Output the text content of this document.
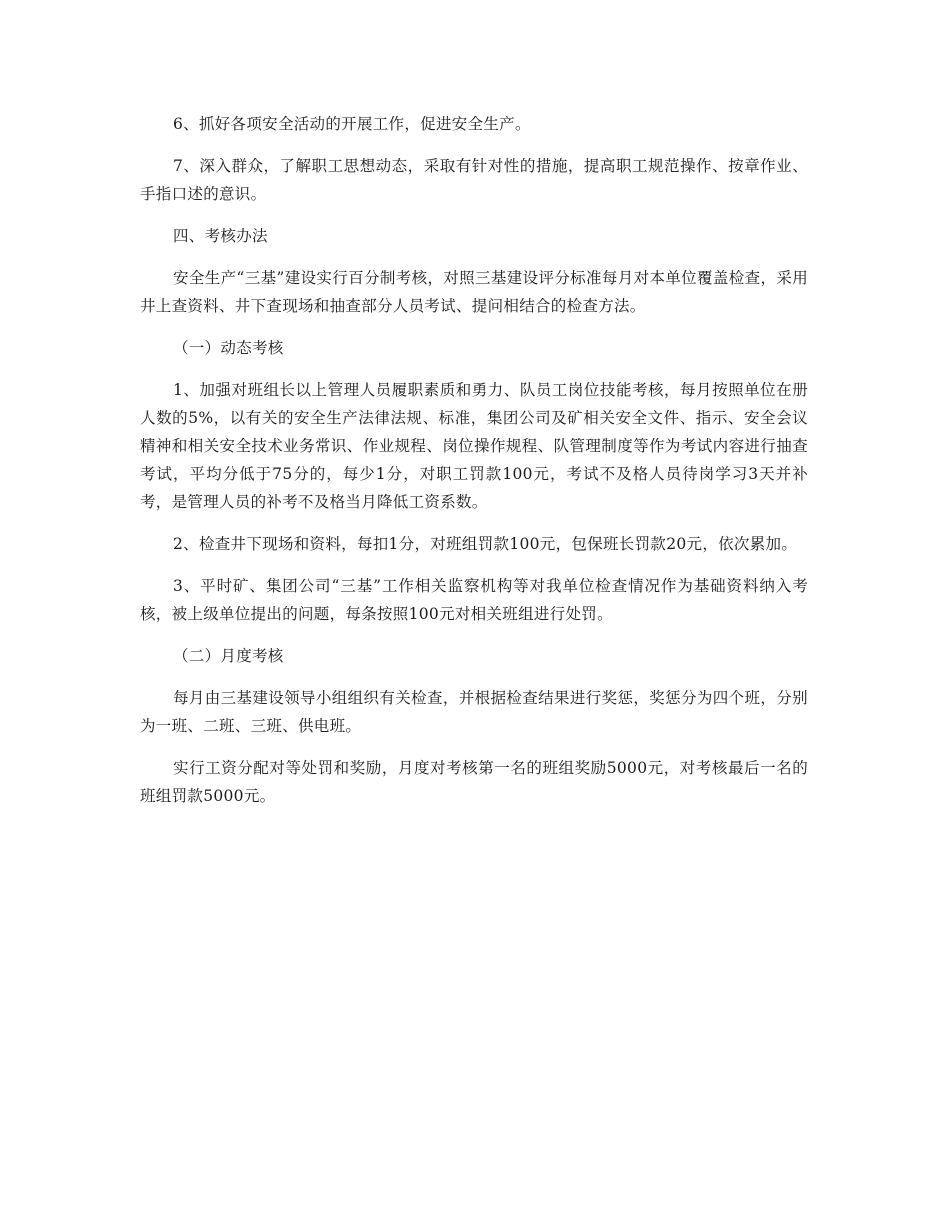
6、抓好各项安全活动的开展工作，促进安全生产。

7、深入群众，了解职工思想动态，采取有针对性的措施，提高职工规范操作、按章作业、手指口述的意识。

四、考核办法

安全生产“三基”建设实行百分制考核，对照三基建设评分标准每月对本单位覆盖检查，采用井上查资料、井下查现场和抽查部分人员考试、提问相结合的检查方法。

（一）动态考核

1、加强对班组长以上管理人员履职素质和勇力、队员工岗位技能考核，每月按照单位在册人数的5%，以有关的安全生产法律法规、标准，集团公司及矿相关安全文件、指示、安全会议精神和相关安全技术业务常识、作业规程、岗位操作规程、队管理制度等作为考试内容进行抽查考试，平均分低于75分的，每少1分，对职工罚款100元，考试不及格人员待岗学习3天并补考，是管理人员的补考不及格当月降低工资系数。

2、检查井下现场和资料，每扣1分，对班组罚款100元，包保班长罚款20元，依次累加。

3、平时矿、集团公司“三基”工作相关监察机构等对我单位检查情况作为基础资料纳入考核，被上级单位提出的问题，每条按照100元对相关班组进行处罚。

（二）月度考核

每月由三基建设领导小组组织有关检查，并根据检查结果进行奖惩，奖惩分为四个班，分别为一班、二班、三班、供电班。

实行工资分配对等处罚和奖励，月度对考核第一名的班组奖励5000元，对考核最后一名的班组罚款5000元。
